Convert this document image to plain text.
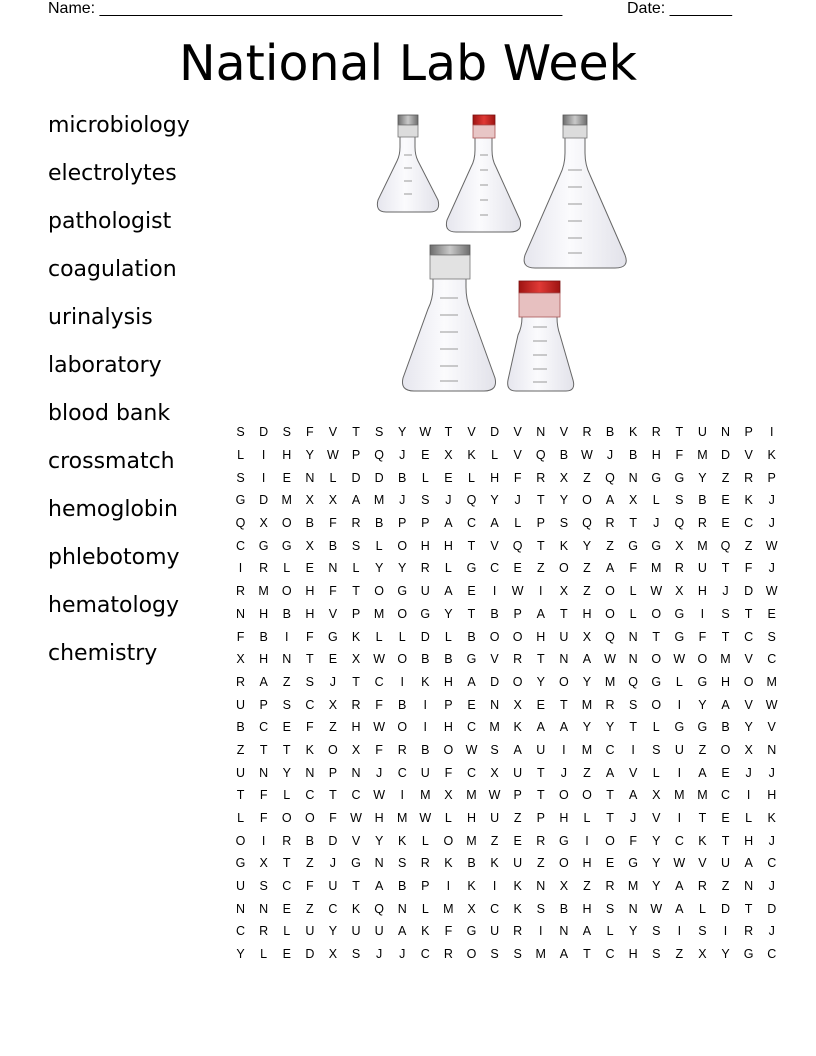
Name: ____________________________________________________	Date: _______
National Lab Week
microbiology
electrolytes
pathologist
coagulation
urinalysis
laboratory
blood bank
crossmatch
hemoglobin
phlebotomy
hematology
chemistry
S	D	S	F	V	T	S	Y	W	T	V	D	V	N	V	R	B	K	R	T	U	N	P	I
L	I	H	Y	W	P	Q	J	E	X	K	L	V	Q	B	W	J	B	H	F	M	D	V	K
S	I	E	N	L	D	D	B	L	E	L	H	F	R	X	Z	Q	N	G	G	Y	Z	R	P
G	D	M	X	X	A	M	J	S	J	Q	Y	J	T	Y	O	A	X	L	S	B	E	K	J
Q	X	O	B	F	R	B	P	P	A	C	A	L	P	S	Q	R	T	J	Q	R	E	C	J
C	G	G	X	B	S	L	O	H	H	T	V	Q	T	K	Y	Z	G	G	X	M	Q	Z	W
I	R	L	E	N	L	Y	Y	R	L	G	C	E	Z	O	Z	A	F	M	R	U	T	F	J
R	M	O	H	F	T	O	G	U	A	E	I	W	I	X	Z	O	L	W	X	H	J	D	W
N	H	B	H	V	P	M	O	G	Y	T	B	P	A	T	H	O	L	O	G	I	S	T	E
F	B	I	F	G	K	L	L	D	L	B	O	O	H	U	X	Q	N	T	G	F	T	C	S
X	H	N	T	E	X	W	O	B	B	G	V	R	T	N	A	W	N	O	W	O	M	V	C
R	A	Z	S	J	T	C	I	K	H	A	D	O	Y	O	Y	M	Q	G	L	G	H	O	M
U	P	S	C	X	R	F	B	I	P	E	N	X	E	T	M	R	S	O	I	Y	A	V	W
B	C	E	F	Z	H	W	O	I	H	C	M	K	A	A	Y	Y	T	L	G	G	B	Y	V
Z	T	T	K	O	X	F	R	B	O	W	S	A	U	I	M	C	I	S	U	Z	O	X	N
U	N	Y	N	P	N	J	C	U	F	C	X	U	T	J	Z	A	V	L	I	A	E	J	J
T	F	L	C	T	C	W	I	M	X	M	W	P	T	O	O	T	A	X	M	M	C	I	H
L	F	O	O	F	W	H	M	W	L	H	U	Z	P	H	L	T	J	V	I	T	E	L	K
O	I	R	B	D	V	Y	K	L	O	M	Z	E	R	G	I	O	F	Y	C	K	T	H	J
G	X	T	Z	J	G	N	S	R	K	B	K	U	Z	O	H	E	G	Y	W	V	U	A	C
U	S	C	F	U	T	A	B	P	I	K	I	K	N	X	Z	R	M	Y	A	R	Z	N	J
N	N	E	Z	C	K	Q	N	L	M	X	C	K	S	B	H	S	N	W	A	L	D	T	D
C	R	L	U	Y	U	U	A	K	F	G	U	R	I	N	A	L	Y	S	I	S	I	R	J
Y	L	E	D	X	S	J	J	C	R	O	S	S	M	A	T	C	H	S	Z	X	Y	G	C
